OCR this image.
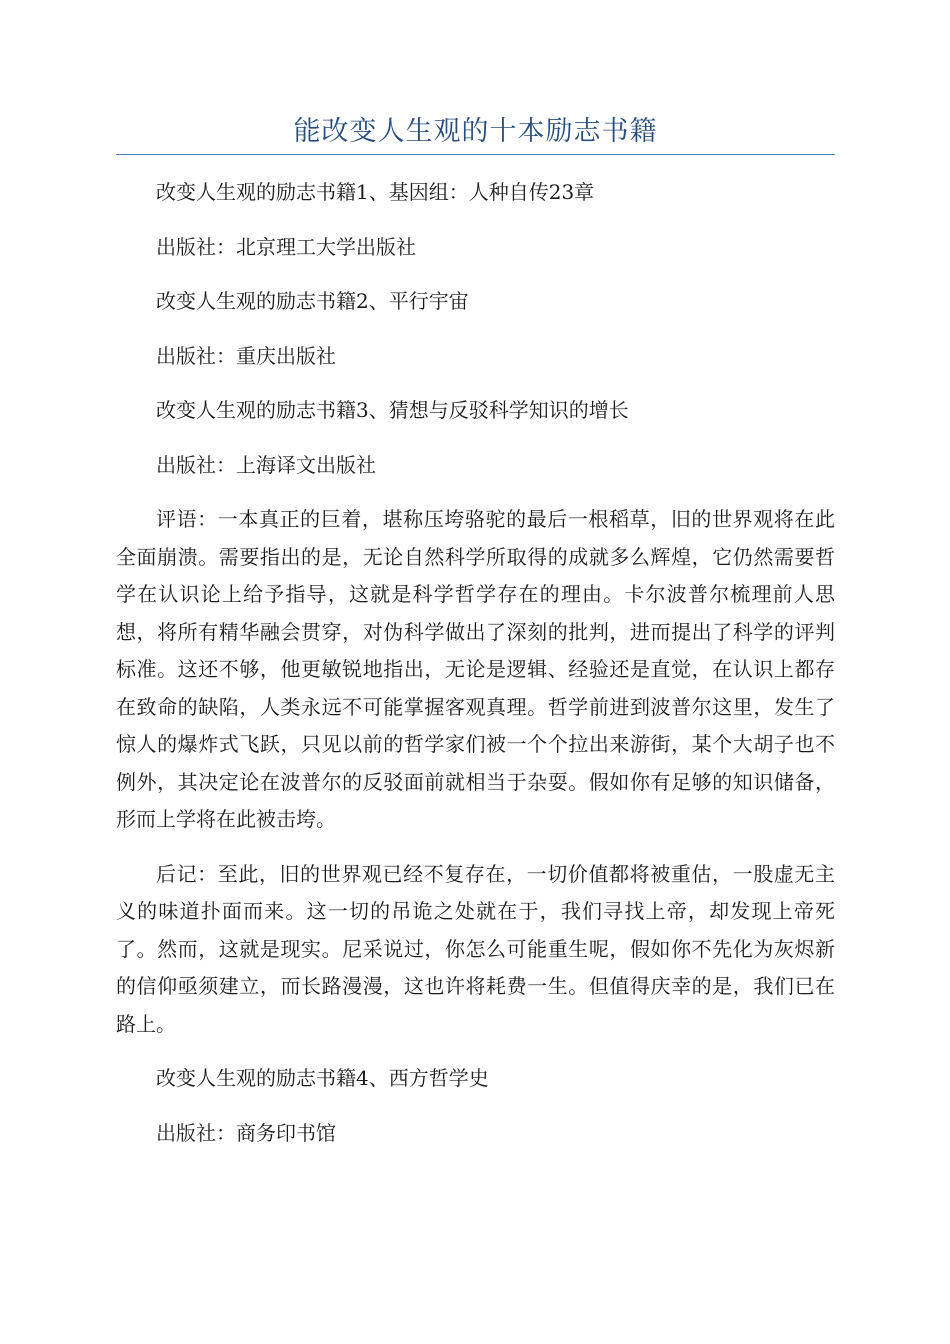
能改变人生观的十本励志书籍

改变人生观的励志书籍1、基因组：人种自传23章

出版社：北京理工大学出版社

改变人生观的励志书籍2、平行宇宙

出版社：重庆出版社

改变人生观的励志书籍3、猜想与反驳科学知识的增长

出版社：上海译文出版社

评语：一本真正的巨着，堪称压垮骆驼的最后一根稻草，旧的世界观将在此全面崩溃。需要指出的是，无论自然科学所取得的成就多么辉煌，它仍然需要哲学在认识论上给予指导，这就是科学哲学存在的理由。卡尔波普尔梳理前人思想，将所有精华融会贯穿，对伪科学做出了深刻的批判，进而提出了科学的评判标准。这还不够，他更敏锐地指出，无论是逻辑、经验还是直觉，在认识上都存在致命的缺陷，人类永远不可能掌握客观真理。哲学前进到波普尔这里，发生了惊人的爆炸式飞跃，只见以前的哲学家们被一个个拉出来游街，某个大胡子也不例外，其决定论在波普尔的反驳面前就相当于杂耍。假如你有足够的知识储备，形而上学将在此被击垮。

后记：至此，旧的世界观已经不复存在，一切价值都将被重估，一股虚无主义的味道扑面而来。这一切的吊诡之处就在于，我们寻找上帝，却发现上帝死了。然而，这就是现实。尼采说过，你怎么可能重生呢，假如你不先化为灰烬新的信仰亟须建立，而长路漫漫，这也许将耗费一生。但值得庆幸的是，我们已在路上。

改变人生观的励志书籍4、西方哲学史

出版社：商务印书馆
